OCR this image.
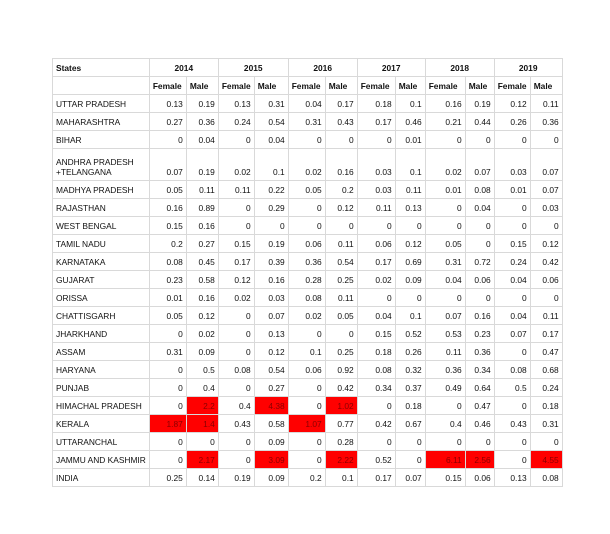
States	2014		2015		2016		2017		2018		2019	
	Female	Male	Female	Male	Female	Male	Female	Male	Female	Male	Female	Male
UTTAR PRADESH	0.13	0.19	0.13	0.31	0.04	0.17	0.18	0.1	0.16	0.19	0.12	0.11
MAHARASHTRA	0.27	0.36	0.24	0.54	0.31	0.43	0.17	0.46	0.21	0.44	0.26	0.36
BIHAR	0	0.04	0	0.04	0	0	0	0.01	0	0	0	0
ANDHRA PRADESH +TELANGANA	0.07	0.19	0.02	0.1	0.02	0.16	0.03	0.1	0.02	0.07	0.03	0.07
MADHYA PRADESH	0.05	0.11	0.11	0.22	0.05	0.2	0.03	0.11	0.01	0.08	0.01	0.07
RAJASTHAN	0.16	0.89	0	0.29	0	0.12	0.11	0.13	0	0.04	0	0.03
WEST BENGAL	0.15	0.16	0	0	0	0	0	0	0	0	0	0
TAMIL NADU	0.2	0.27	0.15	0.19	0.06	0.11	0.06	0.12	0.05	0	0.15	0.12
KARNATAKA	0.08	0.45	0.17	0.39	0.36	0.54	0.17	0.69	0.31	0.72	0.24	0.42
GUJARAT	0.23	0.58	0.12	0.16	0.28	0.25	0.02	0.09	0.04	0.06	0.04	0.06
ORISSA	0.01	0.16	0.02	0.03	0.08	0.11	0	0	0	0	0	0
CHATTISGARH	0.05	0.12	0	0.07	0.02	0.05	0.04	0.1	0.07	0.16	0.04	0.11
JHARKHAND	0	0.02	0	0.13	0	0	0.15	0.52	0.53	0.23	0.07	0.17
ASSAM	0.31	0.09	0	0.12	0.1	0.25	0.18	0.26	0.11	0.36	0	0.47
HARYANA	0	0.5	0.08	0.54	0.06	0.92	0.08	0.32	0.36	0.34	0.08	0.68
PUNJAB	0	0.4	0	0.27	0	0.42	0.34	0.37	0.49	0.64	0.5	0.24
HIMACHAL PRADESH	0	2.2	0.4	4.38	0	1.02	0	0.18	0	0.47	0	0.18
KERALA	1.87	1.4	0.43	0.58	1.07	0.77	0.42	0.67	0.4	0.46	0.43	0.31
UTTARANCHAL	0	0	0	0.09	0	0.28	0	0	0	0	0	0
JAMMU AND KASHMIR	0	2.17	0	3.09	0	2.22	0.52	0	6.11	2.56	0	4.55
INDIA	0.25	0.14	0.19	0.09	0.2	0.1	0.17	0.07	0.15	0.06	0.13	0.08
